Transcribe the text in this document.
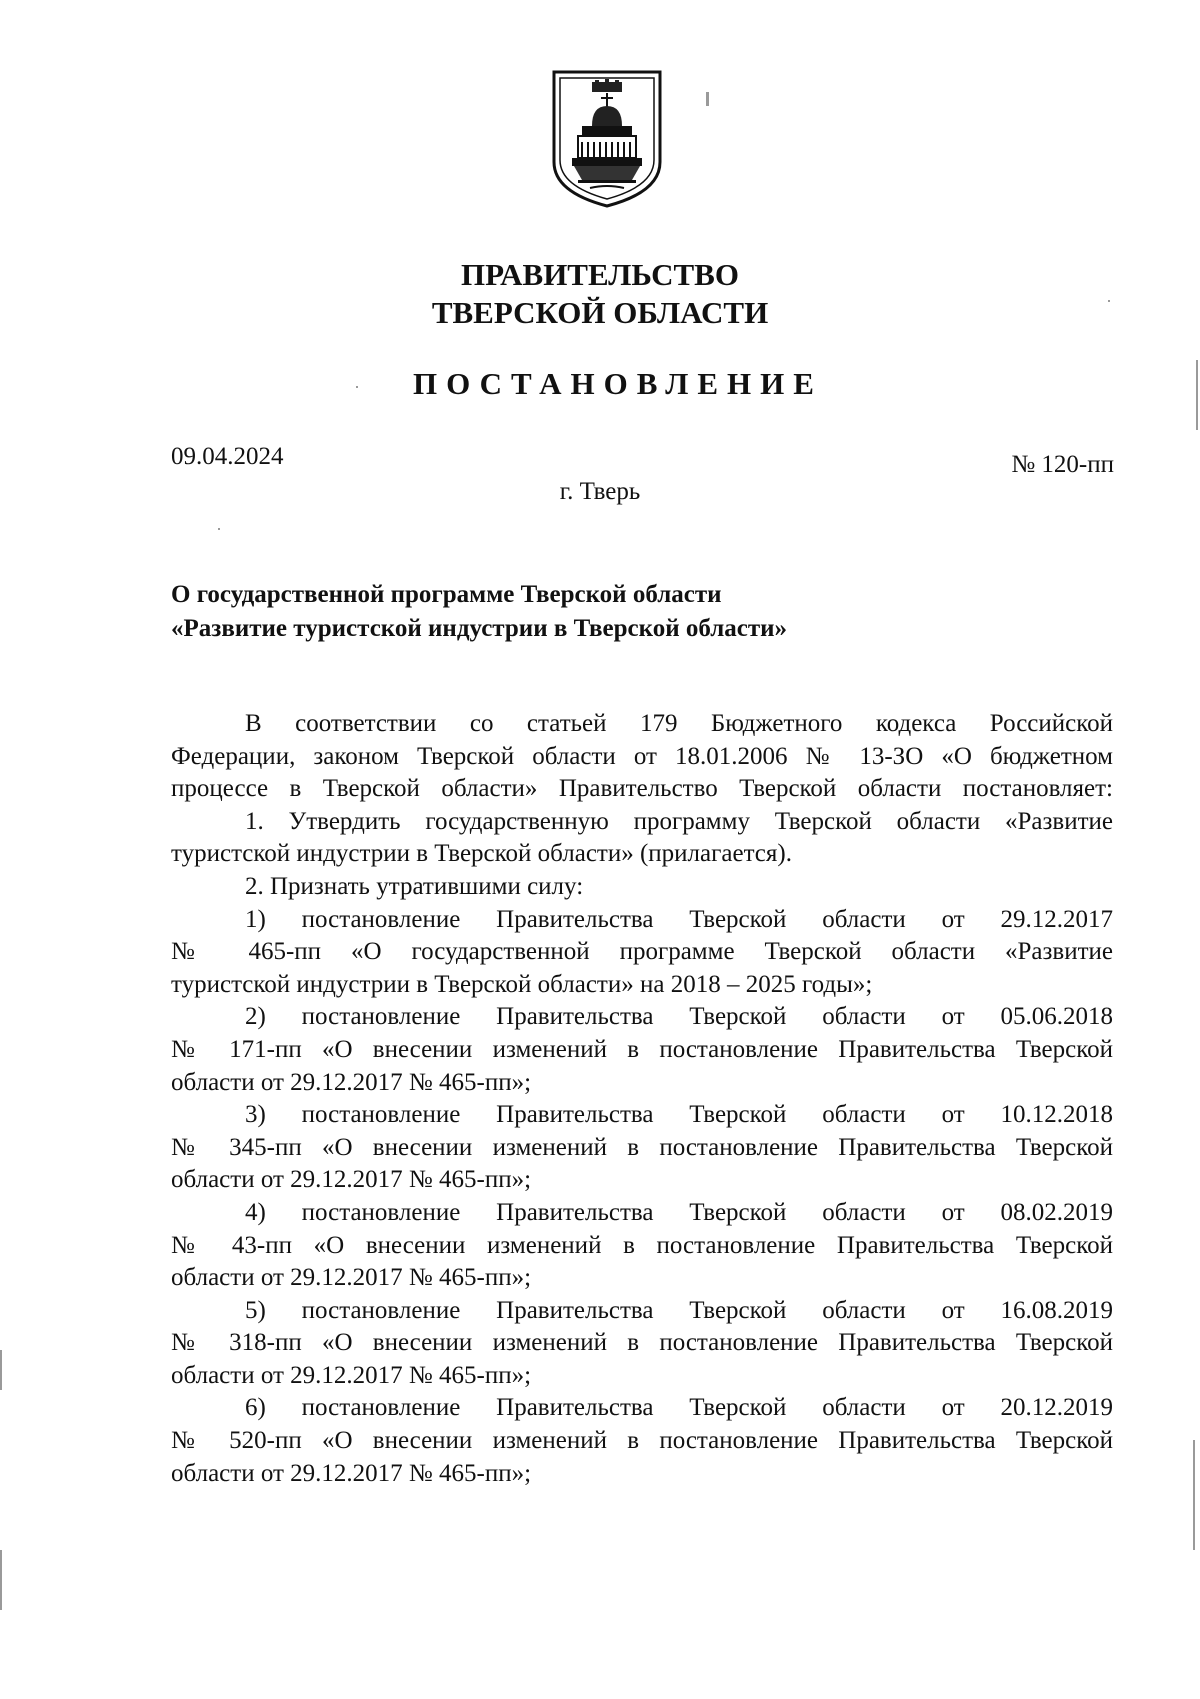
ПРАВИТЕЛЬСТВО
ТВЕРСКОЙ ОБЛАСТИ
ПОСТАНОВЛЕНИЕ
09.04.2024	№ 120-пп
г. Тверь
О государственной программе Тверской области
«Развитие туристской индустрии в Тверской области»

В соответствии со статьей 179 Бюджетного кодекса Российской

Федерации, законом Тверской области от 18.01.2006 № 13-ЗО «О бюджетном

процессе в Тверской области» Правительство Тверской области постановляет:

1. Утвердить государственную программу Тверской области «Развитие

туристской индустрии в Тверской области» (прилагается).

2. Признать утратившими силу:

1) постановление Правительства Тверской области от 29.12.2017

№ 465-пп «О государственной программе Тверской области «Развитие

туристской индустрии в Тверской области» на 2018 – 2025 годы»;

2) постановление Правительства Тверской области от 05.06.2018

№ 171-пп «О внесении изменений в постановление Правительства Тверской

области от 29.12.2017 № 465-пп»;

3) постановление Правительства Тверской области от 10.12.2018

№ 345-пп «О внесении изменений в постановление Правительства Тверской

области от 29.12.2017 № 465-пп»;

4) постановление Правительства Тверской области от 08.02.2019

№ 43-пп «О внесении изменений в постановление Правительства Тверской

области от 29.12.2017 № 465-пп»;

5) постановление Правительства Тверской области от 16.08.2019

№ 318-пп «О внесении изменений в постановление Правительства Тверской

области от 29.12.2017 № 465-пп»;

6) постановление Правительства Тверской области от 20.12.2019

№ 520-пп «О внесении изменений в постановление Правительства Тверской

области от 29.12.2017 № 465-пп»;
